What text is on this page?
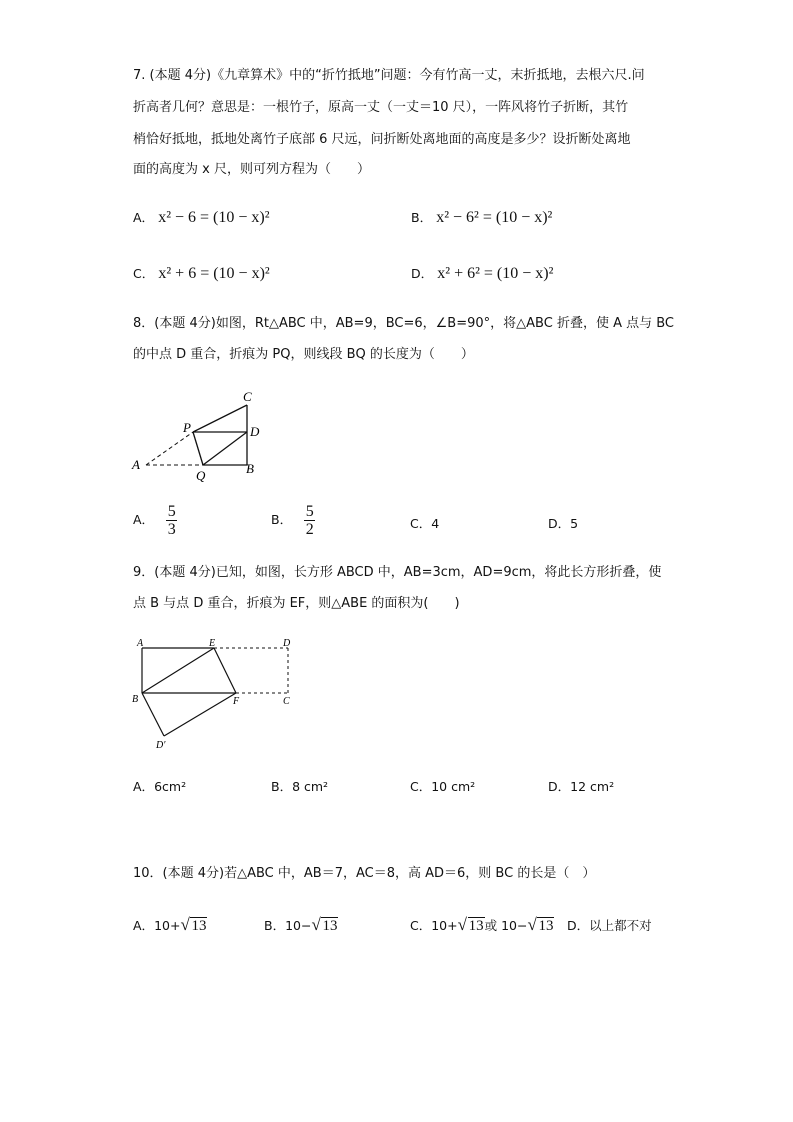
7. (本题 4分)《九章算术》中的“折竹抵地”问题：今有竹高一丈，末折抵地，去根六尺.问
折高者几何？意思是：一根竹子，原高一丈（一丈＝10 尺），一阵风将竹子折断，其竹
梢恰好抵地，抵地处离竹子底部 6 尺远，问折断处离地面的高度是多少？设折断处离地
面的高度为 x 尺，则可列方程为（　　）
A． x² − 6 = (10 − x)²	B． x² − 6² = (10 − x)²
C． x² + 6 = (10 − x)²	D． x² + 6² = (10 − x)²
8．(本题 4分)如图，Rt△ABC 中，AB=9，BC=6，∠B=90°，将△ABC 折叠，使 A 点与 BC
的中点 D 重合，折痕为 PQ，则线段 BQ 的长度为（　　）
C
P	D
A
Q	B
A． $\frac{5}{3}$	B． $\frac{5}{2}$	C．4	D．5
9．(本题 4分)已知，如图，长方形 ABCD 中，AB=3cm，AD=9cm，将此长方形折叠，使
点 B 与点 D 重合，折痕为 EF，则△ABE 的面积为(　　)
A	E	D
B	F	C
D′
A．6cm²	B．8 cm²	C．10 cm²	D．12 cm²
10．(本题 4分)若△ABC 中，AB＝7，AC＝8，高 AD＝6，则 BC 的长是（　）
A．10+ √ 13	B．10− √ 13	C．10+ √ 13或 10− √ 13 D．以上都不对
